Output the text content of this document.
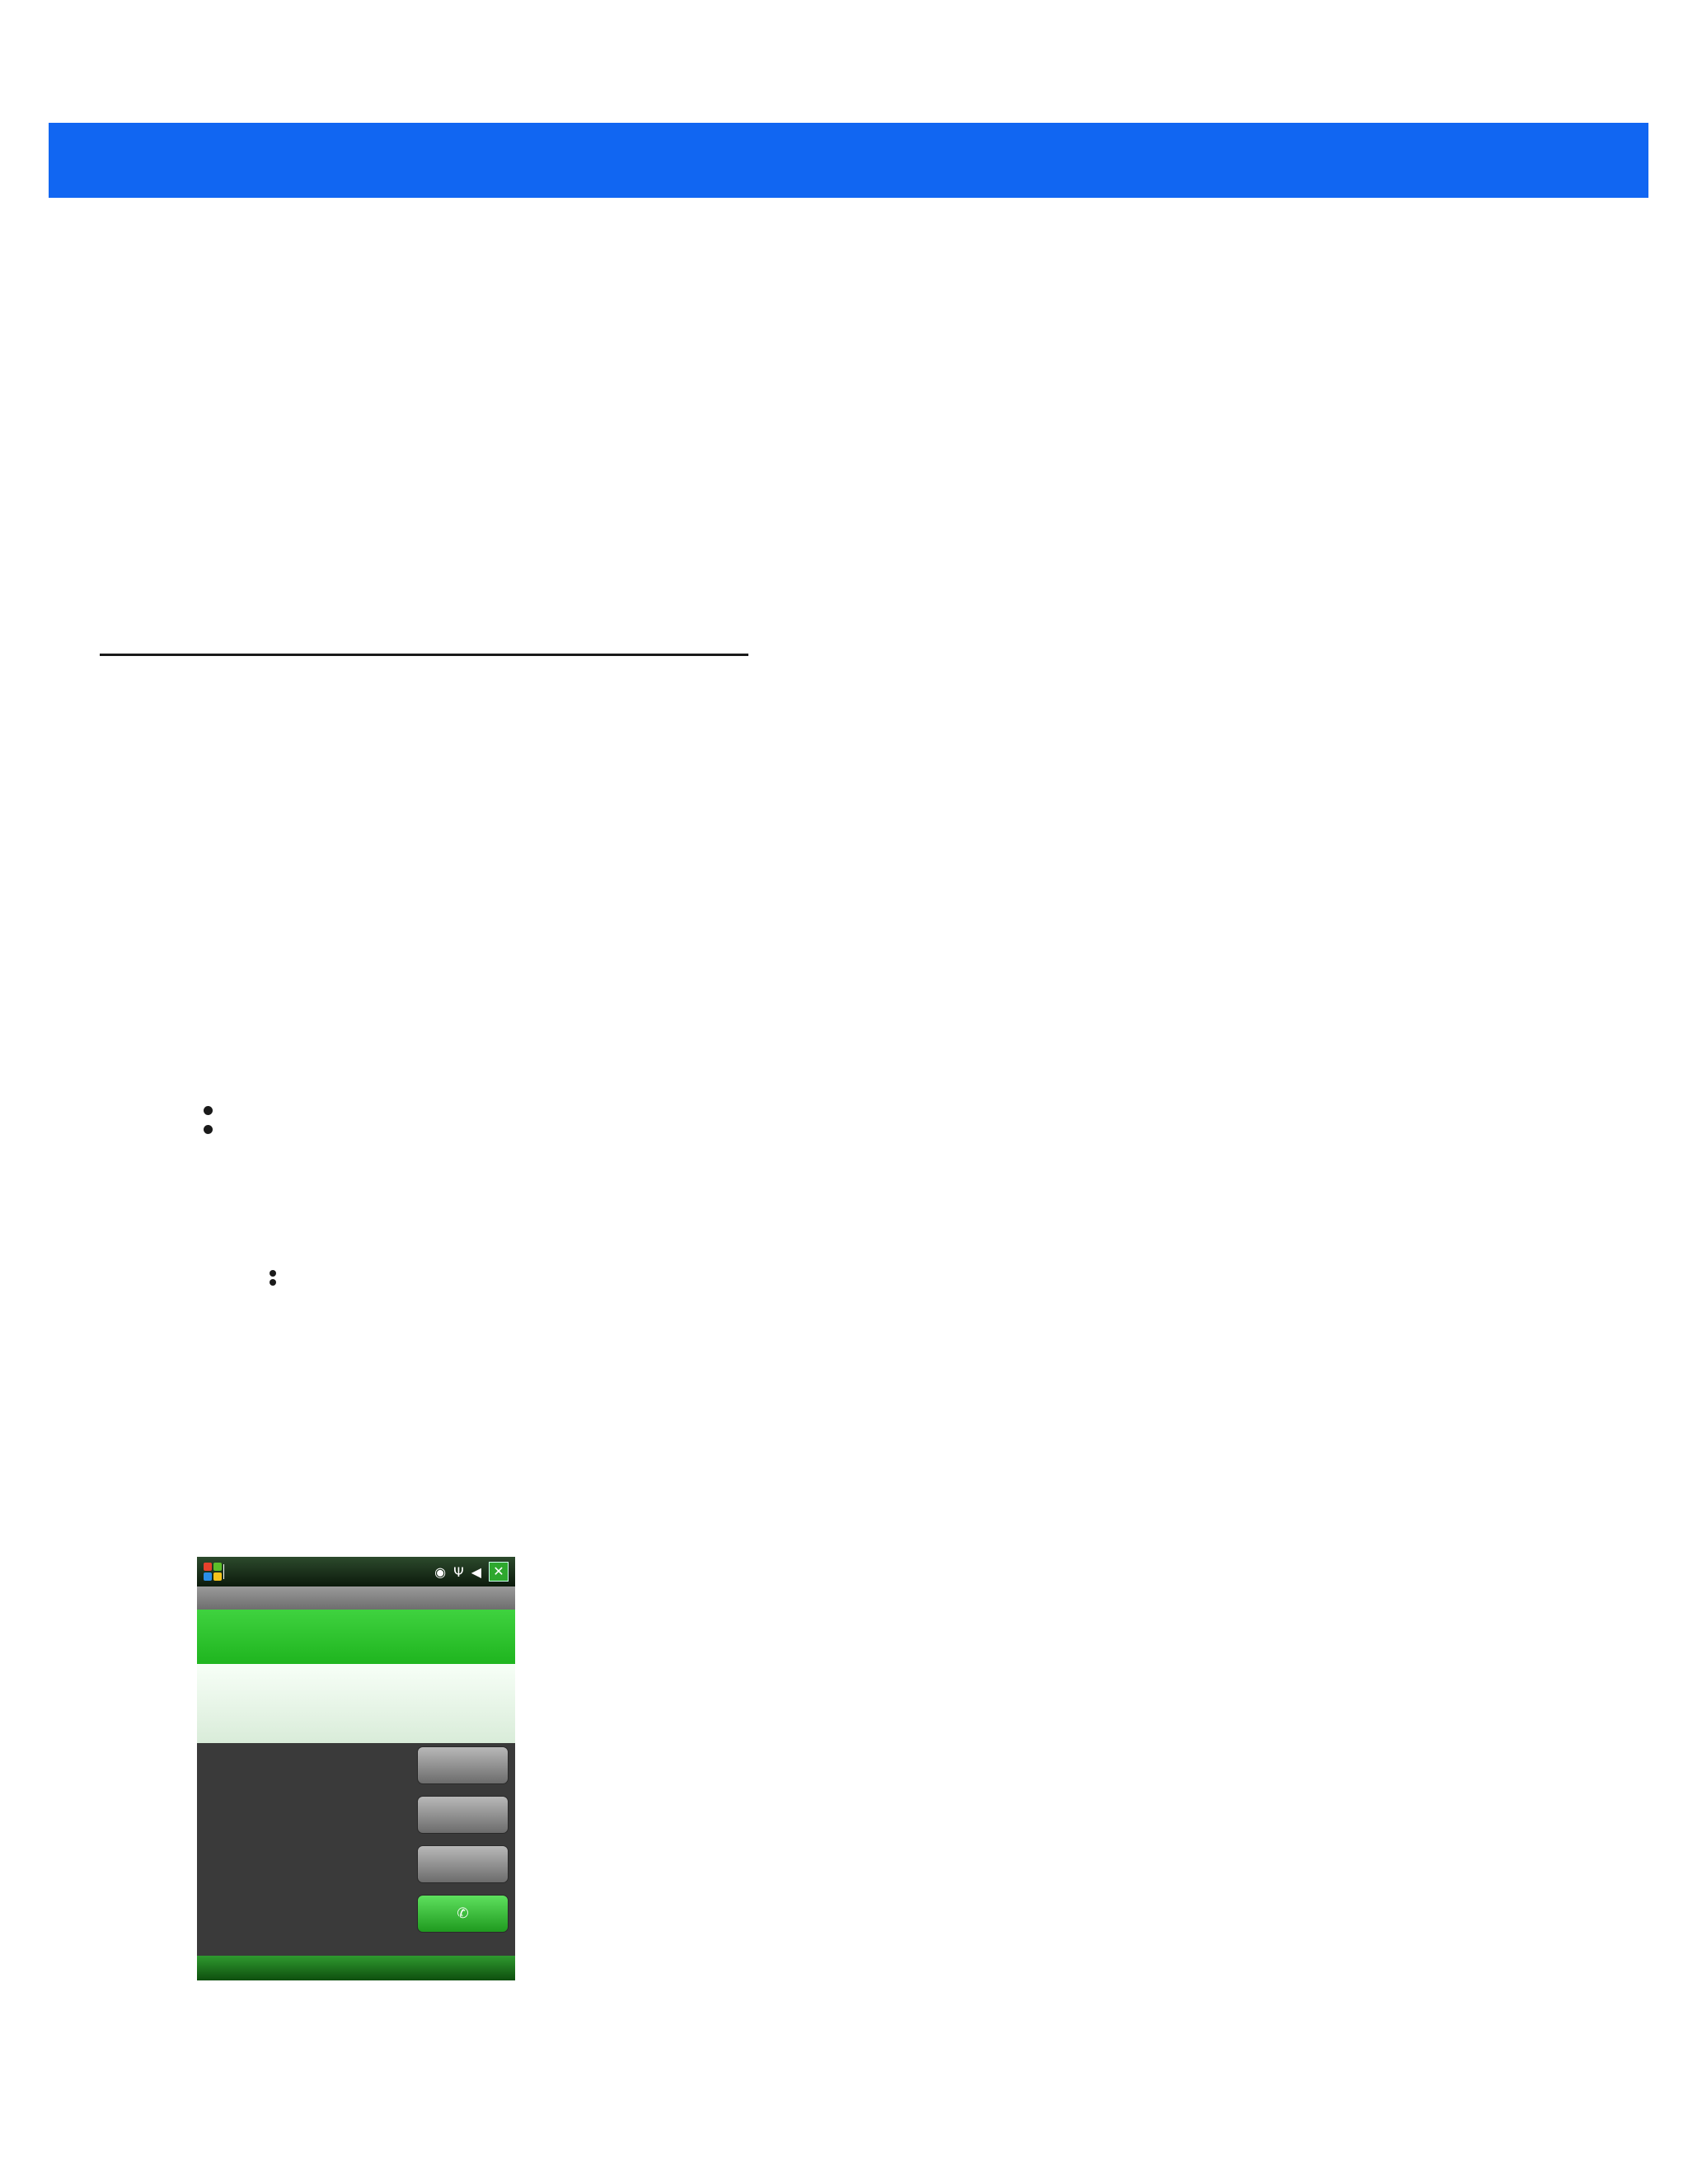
◉ Ψ ◀ ✕
✆
